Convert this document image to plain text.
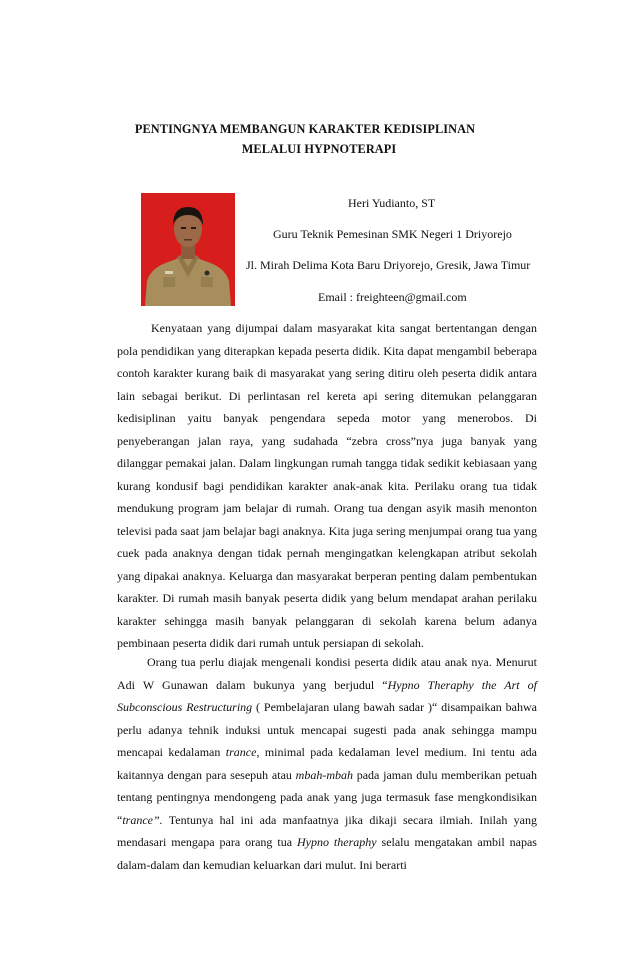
PENTINGNYA MEMBANGUN KARAKTER KEDISIPLINAN
MELALUI HYPNOTERAPI
Heri Yudianto, ST
Guru Teknik Pemesinan SMK Negeri 1 Driyorejo
Jl. Mirah Delima Kota Baru Driyorejo, Gresik, Jawa Timur
Email : freighteen@gmail.com

Kenyataan yang dijumpai dalam masyarakat kita sangat bertentangan dengan pola pendidikan yang diterapkan kepada peserta didik. Kita dapat mengambil beberapa contoh karakter kurang baik di masyarakat yang sering ditiru oleh peserta didik antara lain sebagai berikut. Di perlintasan rel kereta api sering ditemukan pelanggaran kedisiplinan yaitu banyak pengendara sepeda motor yang menerobos. Di penyeberangan jalan raya, yang sudahada “zebra cross”nya juga banyak yang dilanggar pemakai jalan. Dalam lingkungan rumah tangga tidak sedikit kebiasaan yang kurang kondusif bagi pendidikan karakter anak-anak kita. Perilaku orang tua tidak mendukung program jam belajar di rumah. Orang tua dengan asyik masih menonton televisi pada saat jam belajar bagi anaknya. Kita juga sering menjumpai orang tua yang cuek pada anaknya dengan tidak pernah mengingatkan kelengkapan atribut sekolah yang dipakai anaknya. Keluarga dan masyarakat berperan penting dalam pembentukan karakter. Di rumah masih banyak peserta didik yang belum mendapat arahan perilaku karakter sehingga masih banyak pelanggaran di sekolah karena belum adanya pembinaan peserta didik dari rumah untuk persiapan di sekolah.

Orang tua perlu diajak mengenali kondisi peserta didik atau anak nya. Menurut Adi W Gunawan dalam bukunya yang berjudul “Hypno Theraphy the Art of Subconscious Restructuring ( Pembelajaran ulang bawah sadar )“ disampaikan bahwa perlu adanya tehnik induksi untuk mencapai sugesti pada anak sehingga mampu mencapai kedalaman trance, minimal pada kedalaman level medium. Ini tentu ada kaitannya dengan para sesepuh atau mbah-mbah pada jaman dulu memberikan petuah tentang pentingnya mendongeng pada anak yang juga termasuk fase mengkondisikan “trance”. Tentunya hal ini ada manfaatnya jika dikaji secara ilmiah. Inilah yang mendasari mengapa para orang tua Hypno theraphy selalu mengatakan ambil napas dalam-dalam dan kemudian keluarkan dari mulut. Ini berarti
